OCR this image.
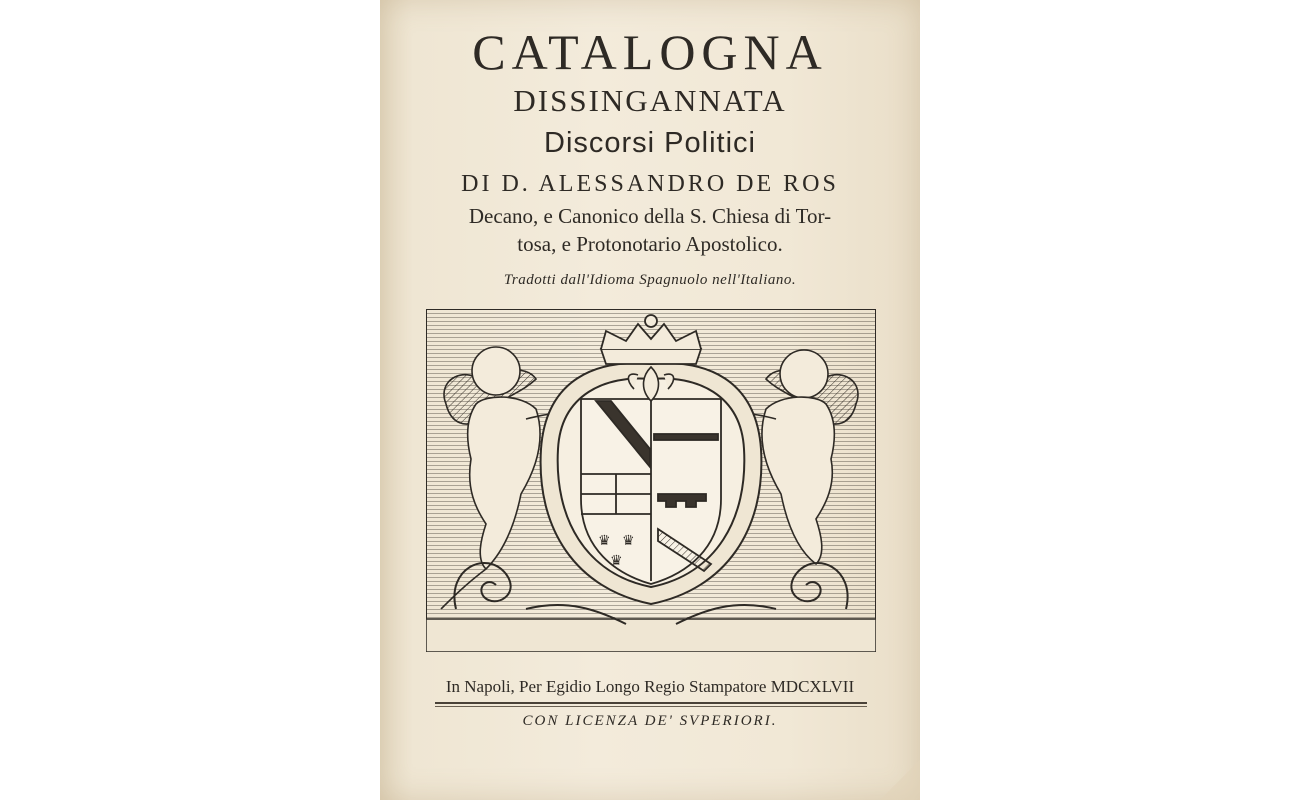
CATALOGNA
DISSINGANNATA
Discorsi Politici
DI D. ALESSANDRO DE ROS
Decano, e Canonico della S. Chiesa di Tor-
tosa, e Protonotario Apostolico.
Tradotti dall'Idioma Spagnuolo nell'Italiano.
♛ ♛
♛
In Napoli, Per Egidio Longo Regio Stampatore MDCXLVII
CON LICENZA DE' SVPERIORI.
